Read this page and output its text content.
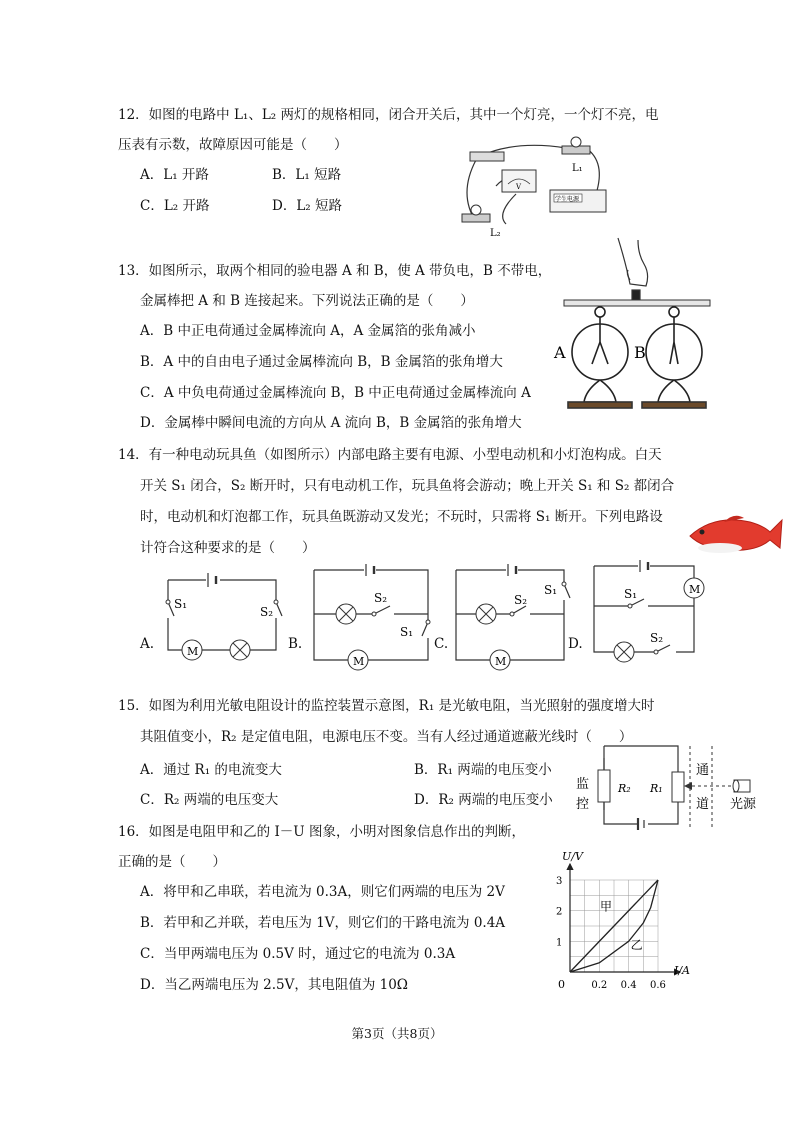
12．如图的电路中 L₁、L₂ 两灯的规格相同，闭合开关后，其中一个灯亮，一个灯不亮，电
压表有示数，故障原因可能是（　　）
A．L₁ 开路	B．L₁ 短路
C．L₂ 开路	D．L₂ 短路
L₁
V
学生电源
L₂
13．如图所示，取两个相同的验电器 A 和 B，使 A 带负电，B 不带电，
金属棒把 A 和 B 连接起来。下列说法正确的是（　　）
A．B 中正电荷通过金属棒流向 A，A 金属箔的张角减小
B．A 中的自由电子通过金属棒流向 B，B 金属箔的张角增大
C．A 中负电荷通过金属棒流向 B，B 中正电荷通过金属棒流向 A
D．金属棒中瞬间电流的方向从 A 流向 B，B 金属箔的张角增大
A	B
14．有一种电动玩具鱼（如图所示）内部电路主要有电源、小型电动机和小灯泡构成。白天
开关 S₁ 闭合，S₂ 断开时，只有电动机工作，玩具鱼将会游动；晚上开关 S₁ 和 S₂ 都闭合
时，电动机和灯泡都工作，玩具鱼既游动又发光；不玩时，只需将 S₁ 断开。下列电路设
计符合这种要求的是（　　）
A.	B.	C.	D.
S₁
S₂
M
S₂
S₁
M
S₂
S₁
M
M
S₁
S₂
15．如图为利用光敏电阻设计的监控装置示意图，R₁ 是光敏电阻，当光照射的强度增大时
其阻值变小，R₂ 是定值电阻，电源电压不变。当有人经过通道遮蔽光线时（　　）
A．通过 R₁ 的电流变大	B．R₁ 两端的电压变小
C．R₂ 两端的电压变大	D．R₂ 两端的电压变小
监
控
R₂ R₁
通
道 光源
16．如图是电阻甲和乙的 I－U 图象，小明对图象信息作出的判断，
正确的是（　　）
A．将甲和乙串联，若电流为 0.3A，则它们两端的电压为 2V
B．若甲和乙并联，若电压为 1V，则它们的干路电流为 0.4A
C．当甲两端电压为 0.5V 时，通过它的电流为 0.3A
D．当乙两端电压为 2.5V，其电阻值为 10Ω
I/A
U/V
0	0.2 0.4 0.6
1
2
3
甲
乙
第3页（共8页）
